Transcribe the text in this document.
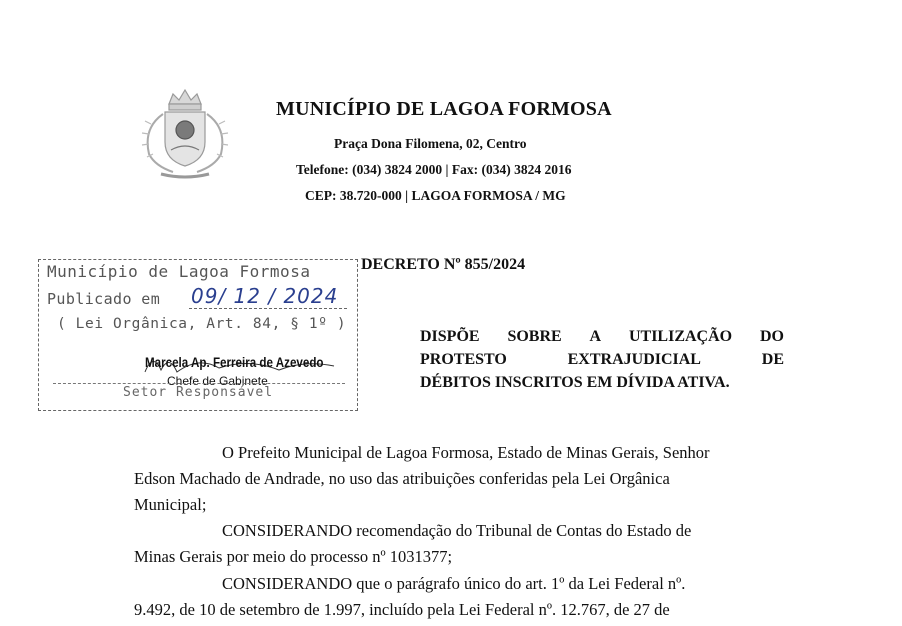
MUNICÍPIO DE LAGOA FORMOSA
Praça Dona Filomena, 02, Centro
Telefone: (034) 3824 2000 | Fax: (034) 3824 2016
CEP: 38.720-000 | LAGOA FORMOSA / MG
Município de Lagoa Formosa
Publicado em 09/ 12 / 2024
( Lei Orgânica, Art. 84, § 1º )
Marcela Ap. Ferreira de Azevedo
Chefe de Gabinete
Setor Responsável
DECRETO Nº 855/2024
DISPÕE SOBRE A UTILIZAÇÃO DO
PROTESTO	EXTRAJUDICIAL	DE
DÉBITOS INSCRITOS EM DÍVIDA ATIVA.
O Prefeito Municipal de Lagoa Formosa, Estado de Minas Gerais, Senhor
Edson Machado de Andrade, no uso das atribuições conferidas pela Lei Orgânica
Municipal;
CONSIDERANDO recomendação do Tribunal de Contas do Estado de
Minas Gerais por meio do processo nº 1031377;
CONSIDERANDO que o parágrafo único do art. 1º da Lei Federal nº.
9.492, de 10 de setembro de 1.997, incluído pela Lei Federal nº. 12.767, de 27 de
